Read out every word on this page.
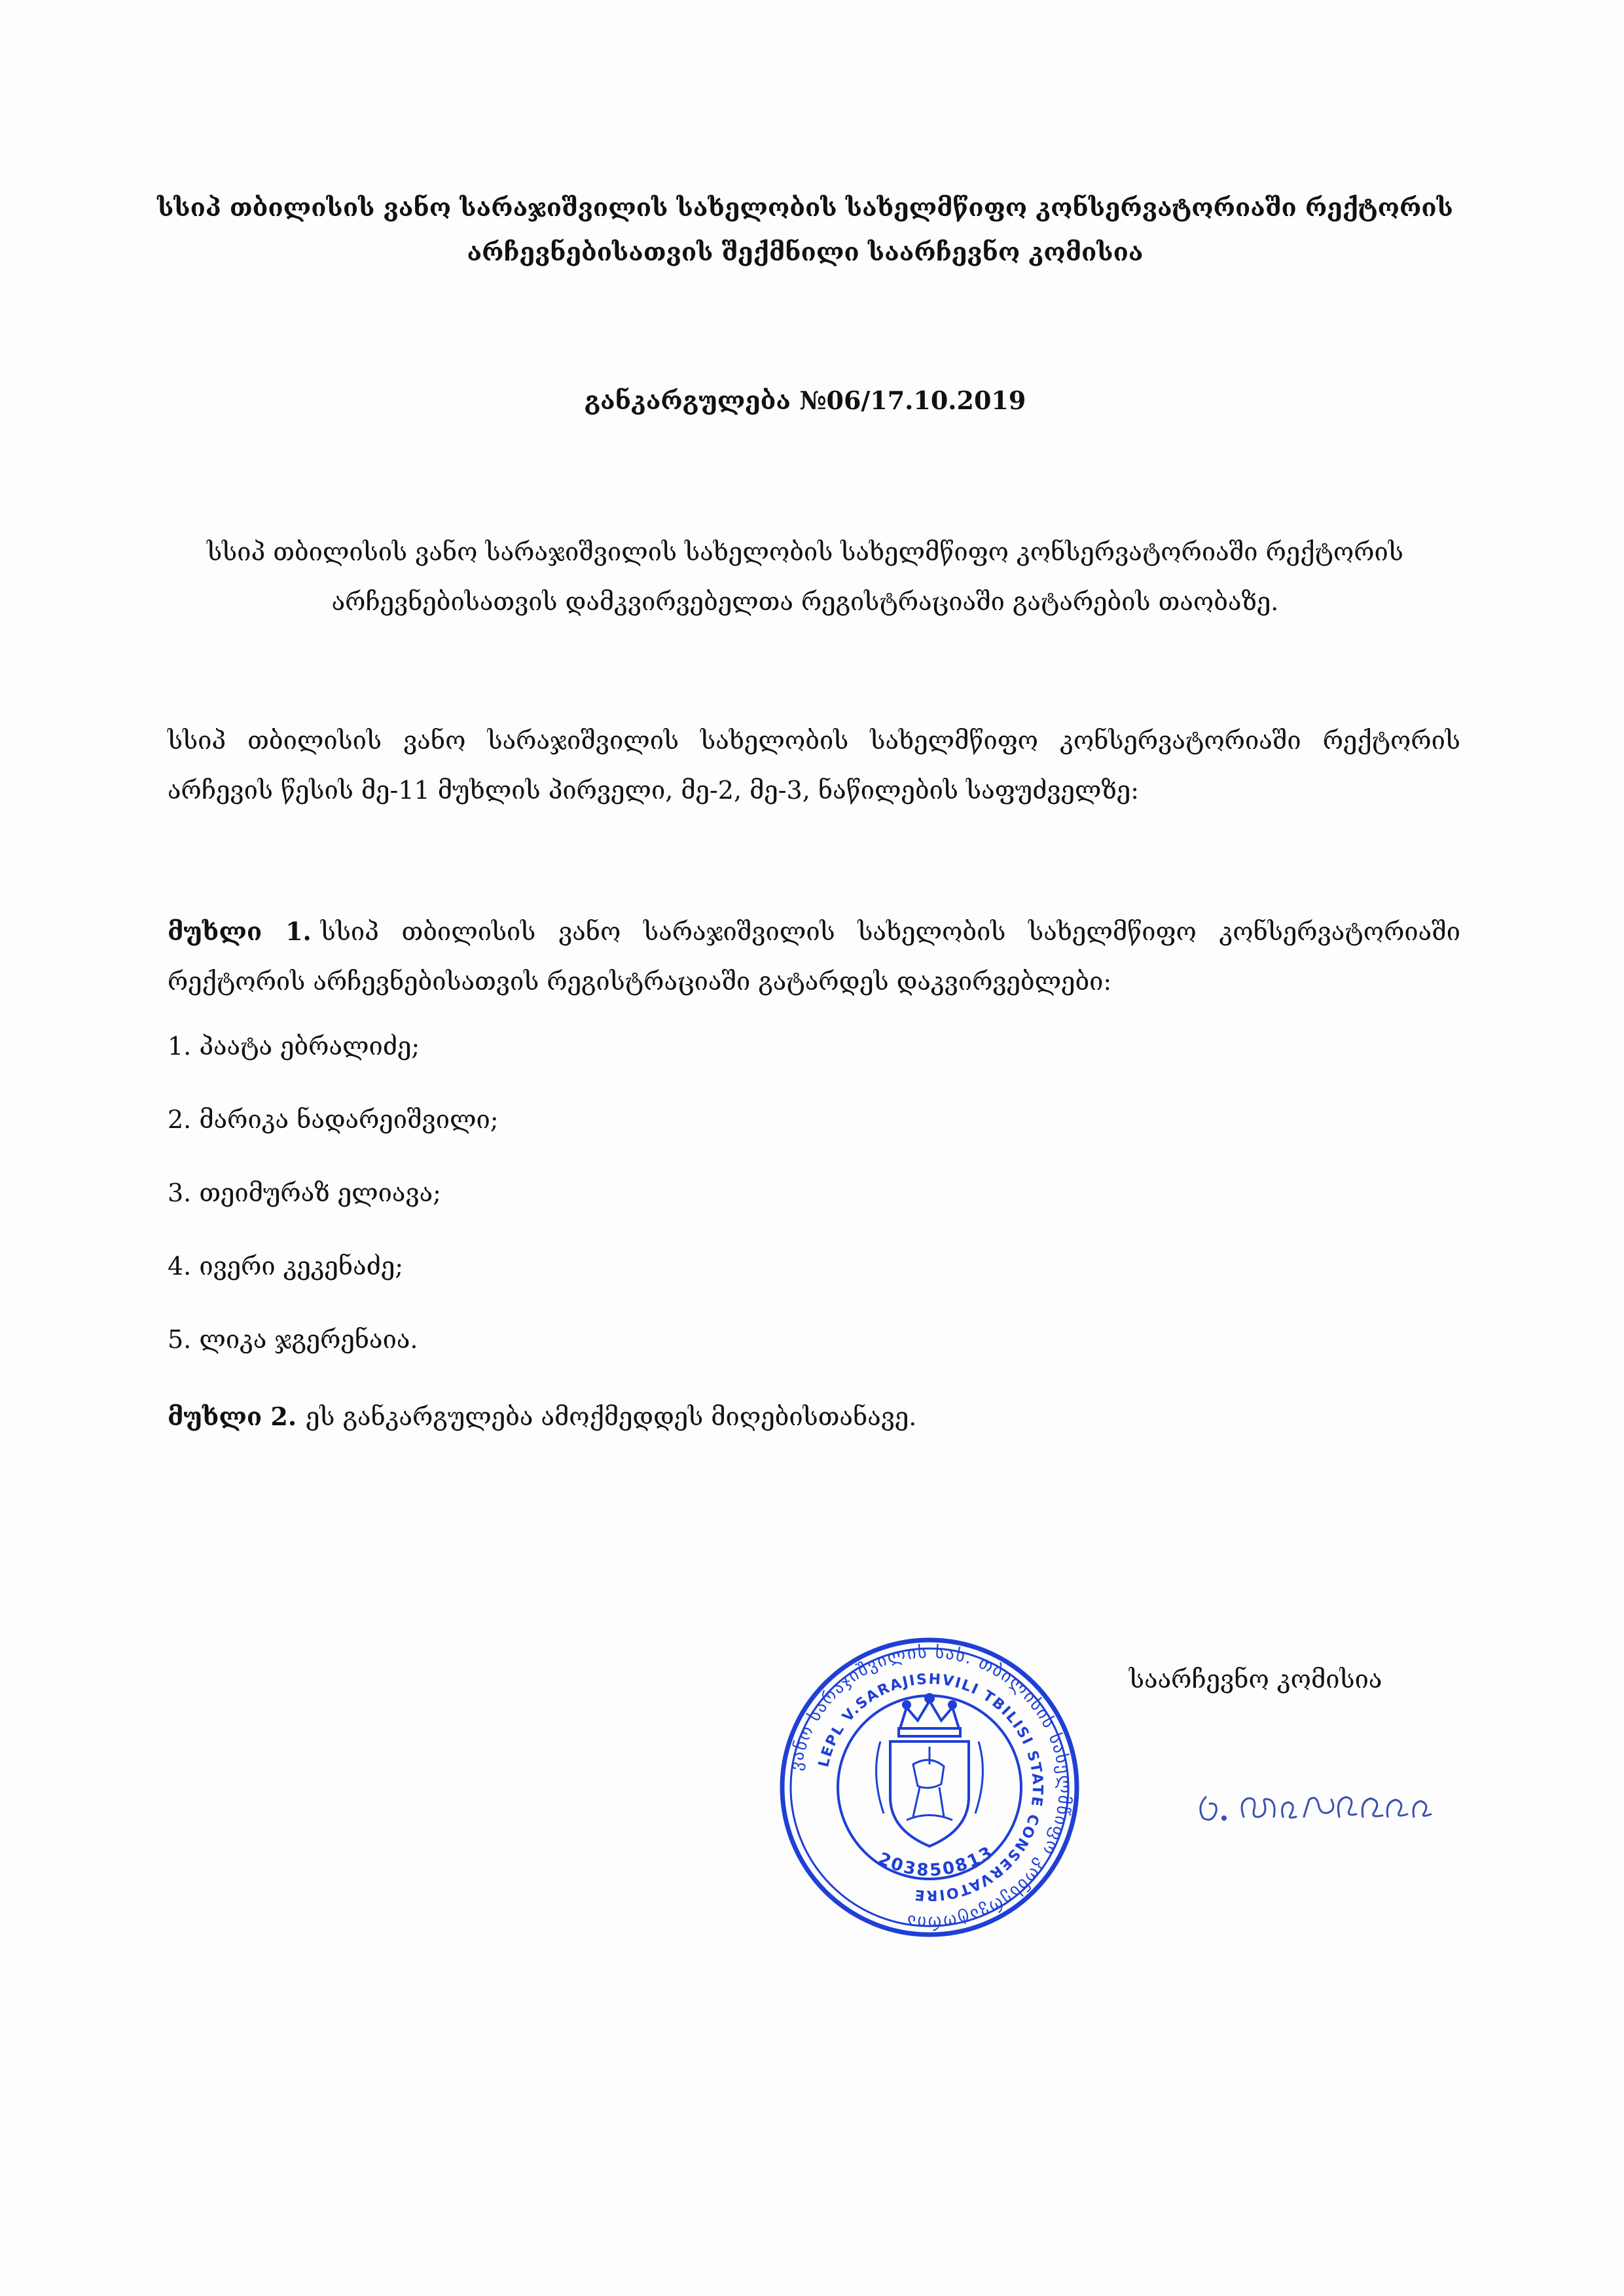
სსიპ თბილისის ვანო სარაჯიშვილის სახელობის სახელმწიფო კონსერვატორიაში რექტორის
არჩევნებისათვის შექმნილი საარჩევნო კომისია
განკარგულება №06/17.10.2019
სსიპ თბილისის ვანო სარაჯიშვილის სახელობის სახელმწიფო კონსერვატორიაში რექტორის
არჩევნებისათვის დამკვირვებელთა რეგისტრაციაში გატარების თაობაზე.
სსიპ თბილისის ვანო სარაჯიშვილის სახელობის სახელმწიფო კონსერვატორიაში რექტორის არჩევის წესის მე-11 მუხლის პირველი, მე-2, მე-3, ნაწილების საფუძველზე:
მუხლი 1. სსიპ თბილისის ვანო სარაჯიშვილის სახელობის სახელმწიფო კონსერვატორიაში რექტორის არჩევნებისათვის რეგისტრაციაში გატარდეს დაკვირვებლები:
1. პაატა ებრალიძე;
2. მარიკა ნადარეიშვილი;
3. თეიმურაზ ელიავა;
4. ივერი კეკენაძე;
5. ლიკა ჯგერენაია.
მუხლი 2. ეს განკარგულება ამოქმედდეს მიღებისთანავე.
ვანო სარაჯიშვილის სახ. თბილისის სახელმწიფო კონსერვატორია
LEPL V.SARAJISHVILI TBILISI STATE CONSERVATOIRE
203850813
საარჩევნო კომისია
